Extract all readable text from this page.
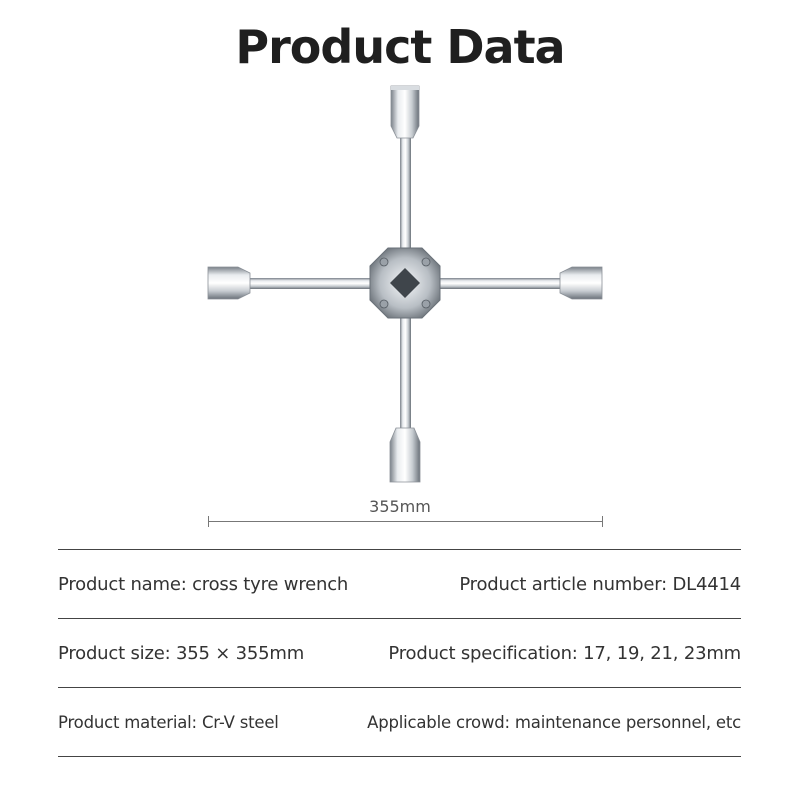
Product Data
355mm
Product name: cross tyre wrench	Product article number: DL4414
Product size: 355 × 355mm	Product specification: 17, 19, 21, 23mm
Product material: Cr-V steel	Applicable crowd: maintenance personnel, etc
